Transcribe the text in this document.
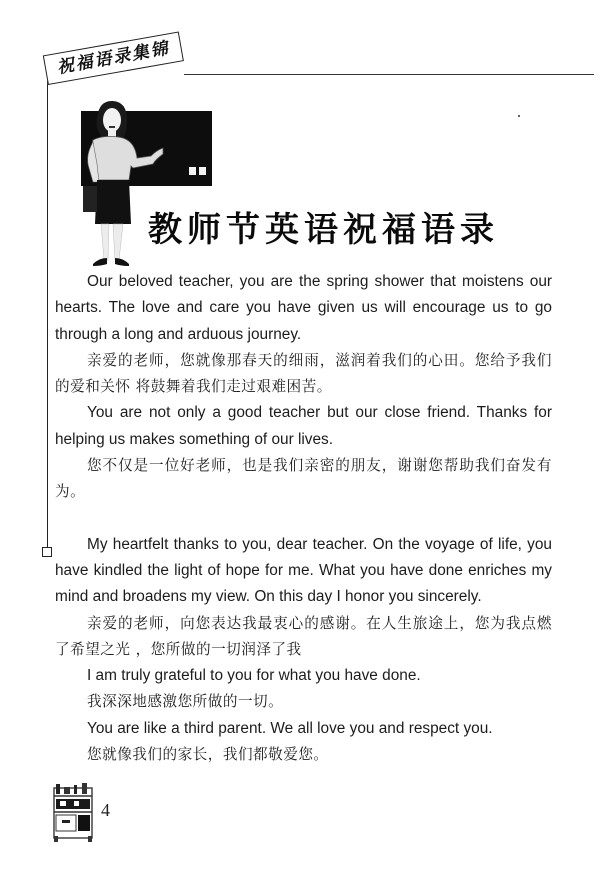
祝福语录集锦
教师节英语祝福语录

Our beloved teacher, you are the spring shower that moistens our hearts. The love and care you have given us will encourage us to go through a long and arduous journey.

亲爱的老师，您就像那春天的细雨，滋润着我们的心田。您给予我们的爱和关怀 将鼓舞着我们走过艰难困苦。

You are not only a good teacher but our close friend. Thanks for helping us makes something of our lives.

您不仅是一位好老师，也是我们亲密的朋友，谢谢您帮助我们奋发有为。

My heartfelt thanks to you, dear teacher. On the voyage of life, you have kindled the light of hope for me. What you have done enriches my mind and broadens my view. On this day I honor you sincerely.

亲爱的老师，向您表达我最衷心的感谢。在人生旅途上，您为我点燃了希望之光 ，您所做的一切润泽了我

I am truly grateful to you for what you have done.

我深深地感激您所做的一切。

You are like a third parent. We all love you and respect you.

您就像我们的家长，我们都敬爱您。

4
